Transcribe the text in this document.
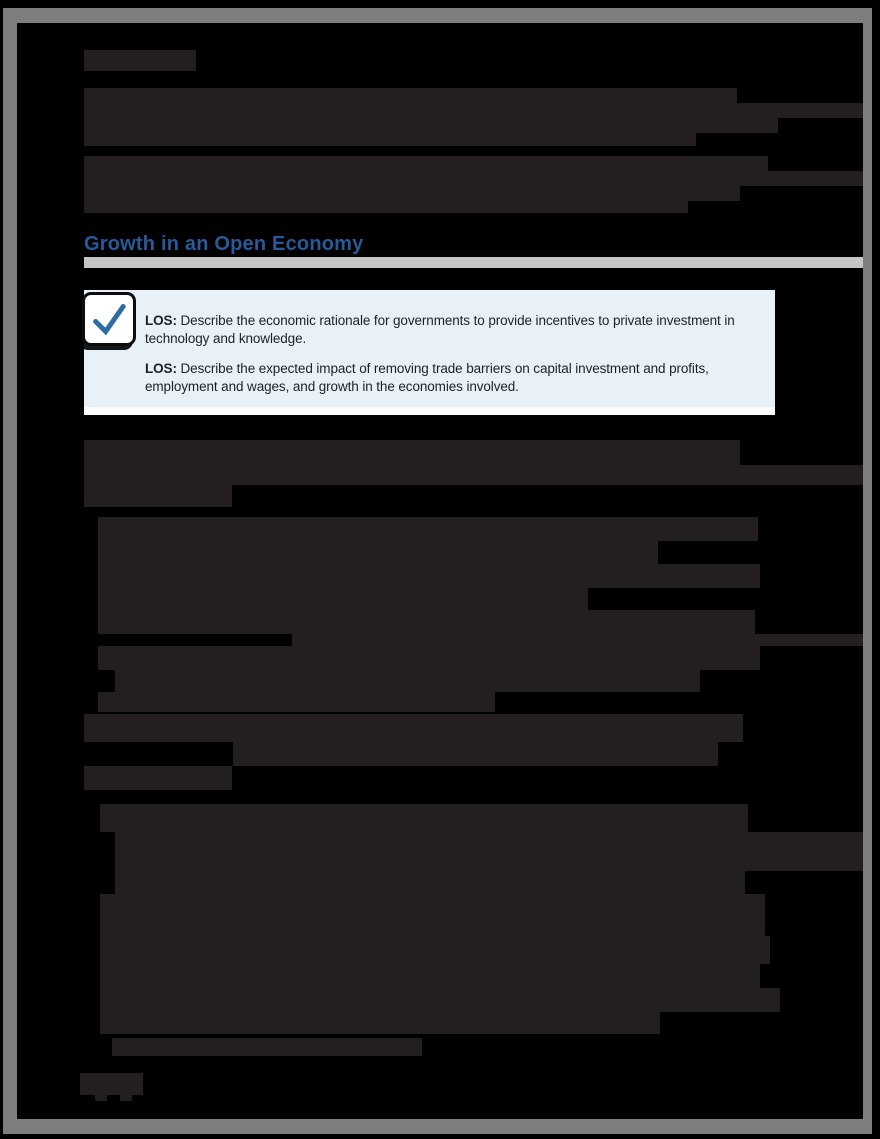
Growth in an Open Economy

LOS: Describe the economic rationale for governments to provide incentives to private investment in technology and knowledge.

LOS: Describe the expected impact of removing trade barriers on capital investment and profits, employment and wages, and growth in the economies involved.
